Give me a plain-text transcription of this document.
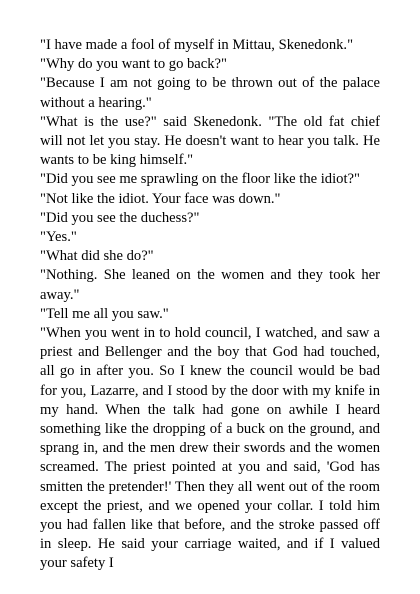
"I have made a fool of myself in Mittau, Skenedonk."

"Why do you want to go back?"

"Because I am not going to be thrown out of the palace without a hearing."

"What is the use?" said Skenedonk. "The old fat chief will not let you stay. He doesn't want to hear you talk. He wants to be king himself."

"Did you see me sprawling on the floor like the idiot?"

"Not like the idiot. Your face was down."

"Did you see the duchess?"

"Yes."

"What did she do?"

"Nothing. She leaned on the women and they took her away."

"Tell me all you saw."

"When you went in to hold council, I watched, and saw a priest and Bellenger and the boy that God had touched, all go in after you. So I knew the council would be bad for you, Lazarre, and I stood by the door with my knife in my hand. When the talk had gone on awhile I heard something like the dropping of a buck on the ground, and sprang in, and the men drew their swords and the women screamed. The priest pointed at you and said, 'God has smitten the pretender!' Then they all went out of the room except the priest, and we opened your collar. I told him you had fallen like that before, and the stroke passed off in sleep. He said your carriage waited, and if I valued your safety I
